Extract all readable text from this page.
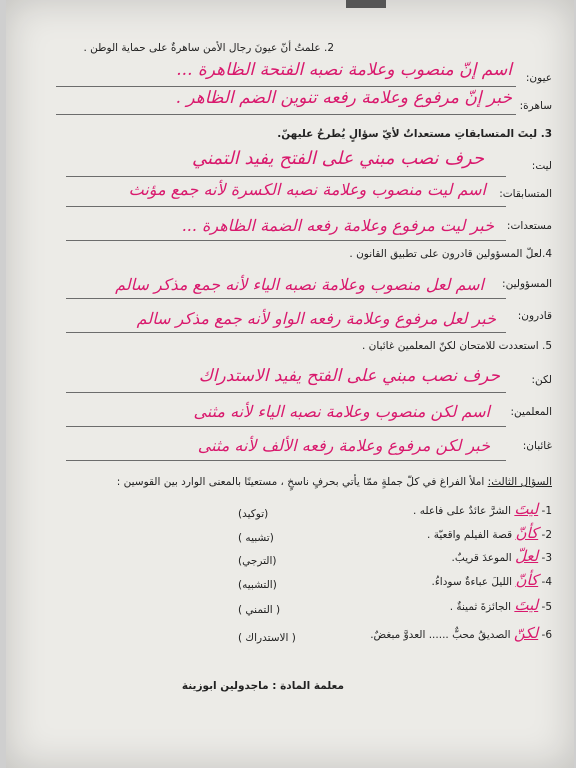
2. علمتُ أنّ عيونَ رجال الأمن ساهرةٌ على حماية الوطن .
عيون:
اسم إنّ منصوب وعلامة نصبه الفتحة الظاهرة ...
ساهرة:
خبر إنّ مرفوع وعلامة رفعه تنوين الضم الظاهر .
3. ليتَ المتسابقاتِ مستعداتٌ لأيّ سؤالٍ يُطرحُ عليهنّ.
ليت:
حرف نصب مبني على الفتح يفيد التمني
المتسابقات:
اسم ليت منصوب وعلامة نصبه الكسرة لأنه جمع مؤنث
مستعدات:
خبر ليت مرفوع وعلامة رفعه الضمة الظاهرة ...
4.لعلّ المسؤولين قادرون على تطبيق القانون .
المسؤولين:
اسم لعل منصوب وعلامة نصبه الياء لأنه جمع مذكر سالم
قادرون:
خبر لعل مرفوع وعلامة رفعه الواو لأنه جمع مذكر سالم
5. استعددت للامتحان لكنّ المعلمين غائبان .
لكن:
حرف نصب مبني على الفتح يفيد الاستدراك
المعلمين:
اسم لكن منصوب وعلامة نصبه الياء لأنه مثنى
غائبان:
خبر لكن مرفوع وعلامة رفعه الألف لأنه مثنى
السؤال الثالث: املأ الفراغ في كلّ جملةٍ ممّا يأتي بحرفٍ ناسخٍ ، مستعينًا بالمعنى الوارد بين القوسين :
1- ليتَ الشرَّ عائدٌ على فاعله .
(توكيد)
2- كأنّ قصة الفيلم واقعيّة .
(تشبيه )
3- لعلّ الموعدَ قريبٌ.
(الترجي)
4- كأنّ الليلَ عباءةٌ سوداءُ.
(التشبيه)
5- ليتَ الجائزةَ ثمينةٌ .
( التمني )
6- لكنّ الصديقُ محبٌّ ...... العدوَّ مبغضٌ.
( الاستدراك )
معلمة المادة : ماجدولين ابوزينة
